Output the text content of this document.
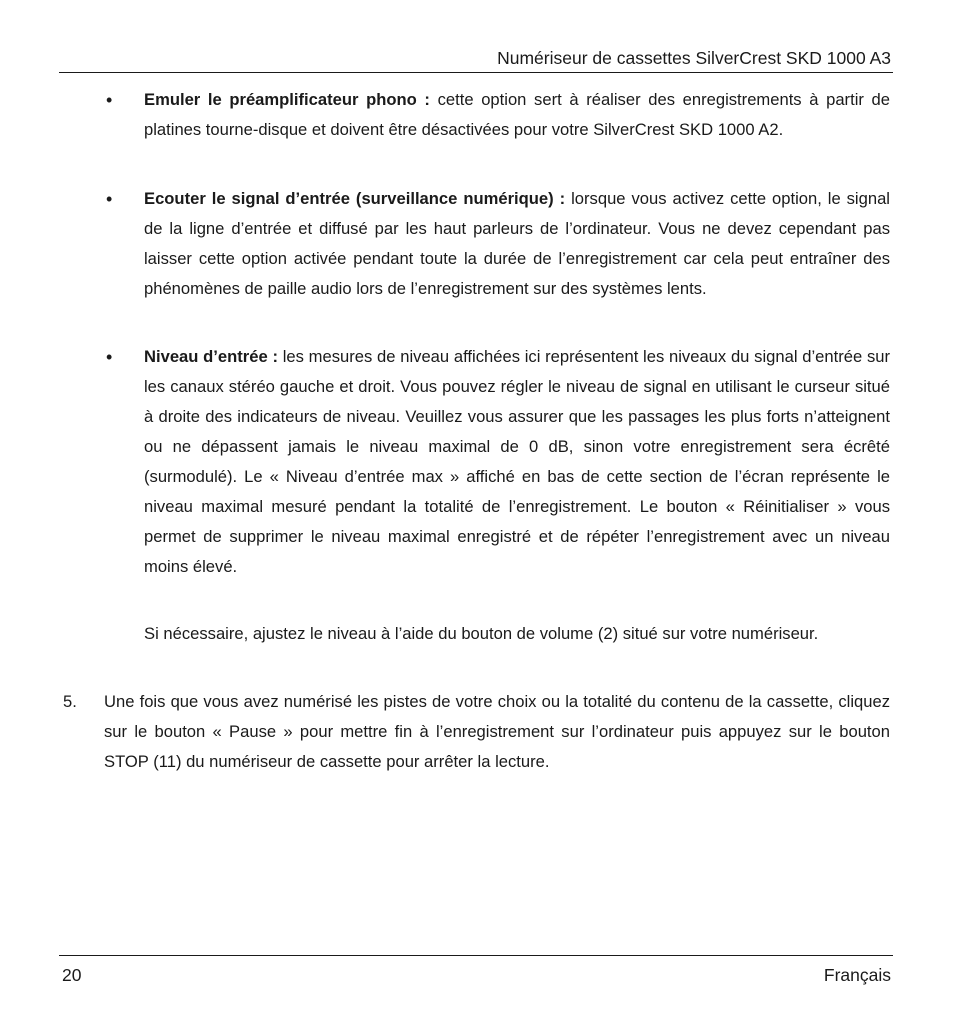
Numériseur de cassettes SilverCrest SKD 1000 A3
• Emuler le préamplificateur phono : cette option sert à réaliser des enregistrements à partir de platines tourne-disque et doivent être désactivées pour votre SilverCrest SKD 1000 A2.
• Ecouter le signal d’entrée (surveillance numérique) : lorsque vous activez cette option, le signal de la ligne d’entrée et diffusé par les haut parleurs de l’ordinateur. Vous ne devez cependant pas laisser cette option activée pendant toute la durée de l’enregistrement car cela peut entraîner des phénomènes de paille audio lors de l’enregistrement sur des systèmes lents.
• Niveau d’entrée : les mesures de niveau affichées ici représentent les niveaux du signal d’entrée sur les canaux stéréo gauche et droit. Vous pouvez régler le niveau de signal en utilisant le curseur situé à droite des indicateurs de niveau. Veuillez vous assurer que les passages les plus forts n’atteignent ou ne dépassent jamais le niveau maximal de 0 dB, sinon votre enregistrement sera écrêté (surmodulé). Le « Niveau d’entrée max » affiché en bas de cette section de l’écran représente le niveau maximal mesuré pendant la totalité de l’enregistrement. Le bouton « Réinitialiser » vous permet de supprimer le niveau maximal enregistré et de répéter l’enregistrement avec un niveau moins élevé.
Si nécessaire, ajustez le niveau à l’aide du bouton de volume (2) situé sur votre numériseur.
5. Une fois que vous avez numérisé les pistes de votre choix ou la totalité du contenu de la cassette, cliquez sur le bouton « Pause » pour mettre fin à l’enregistrement sur l’ordinateur puis appuyez sur le bouton STOP (11) du numériseur de cassette pour arrêter la lecture.
20	Français
